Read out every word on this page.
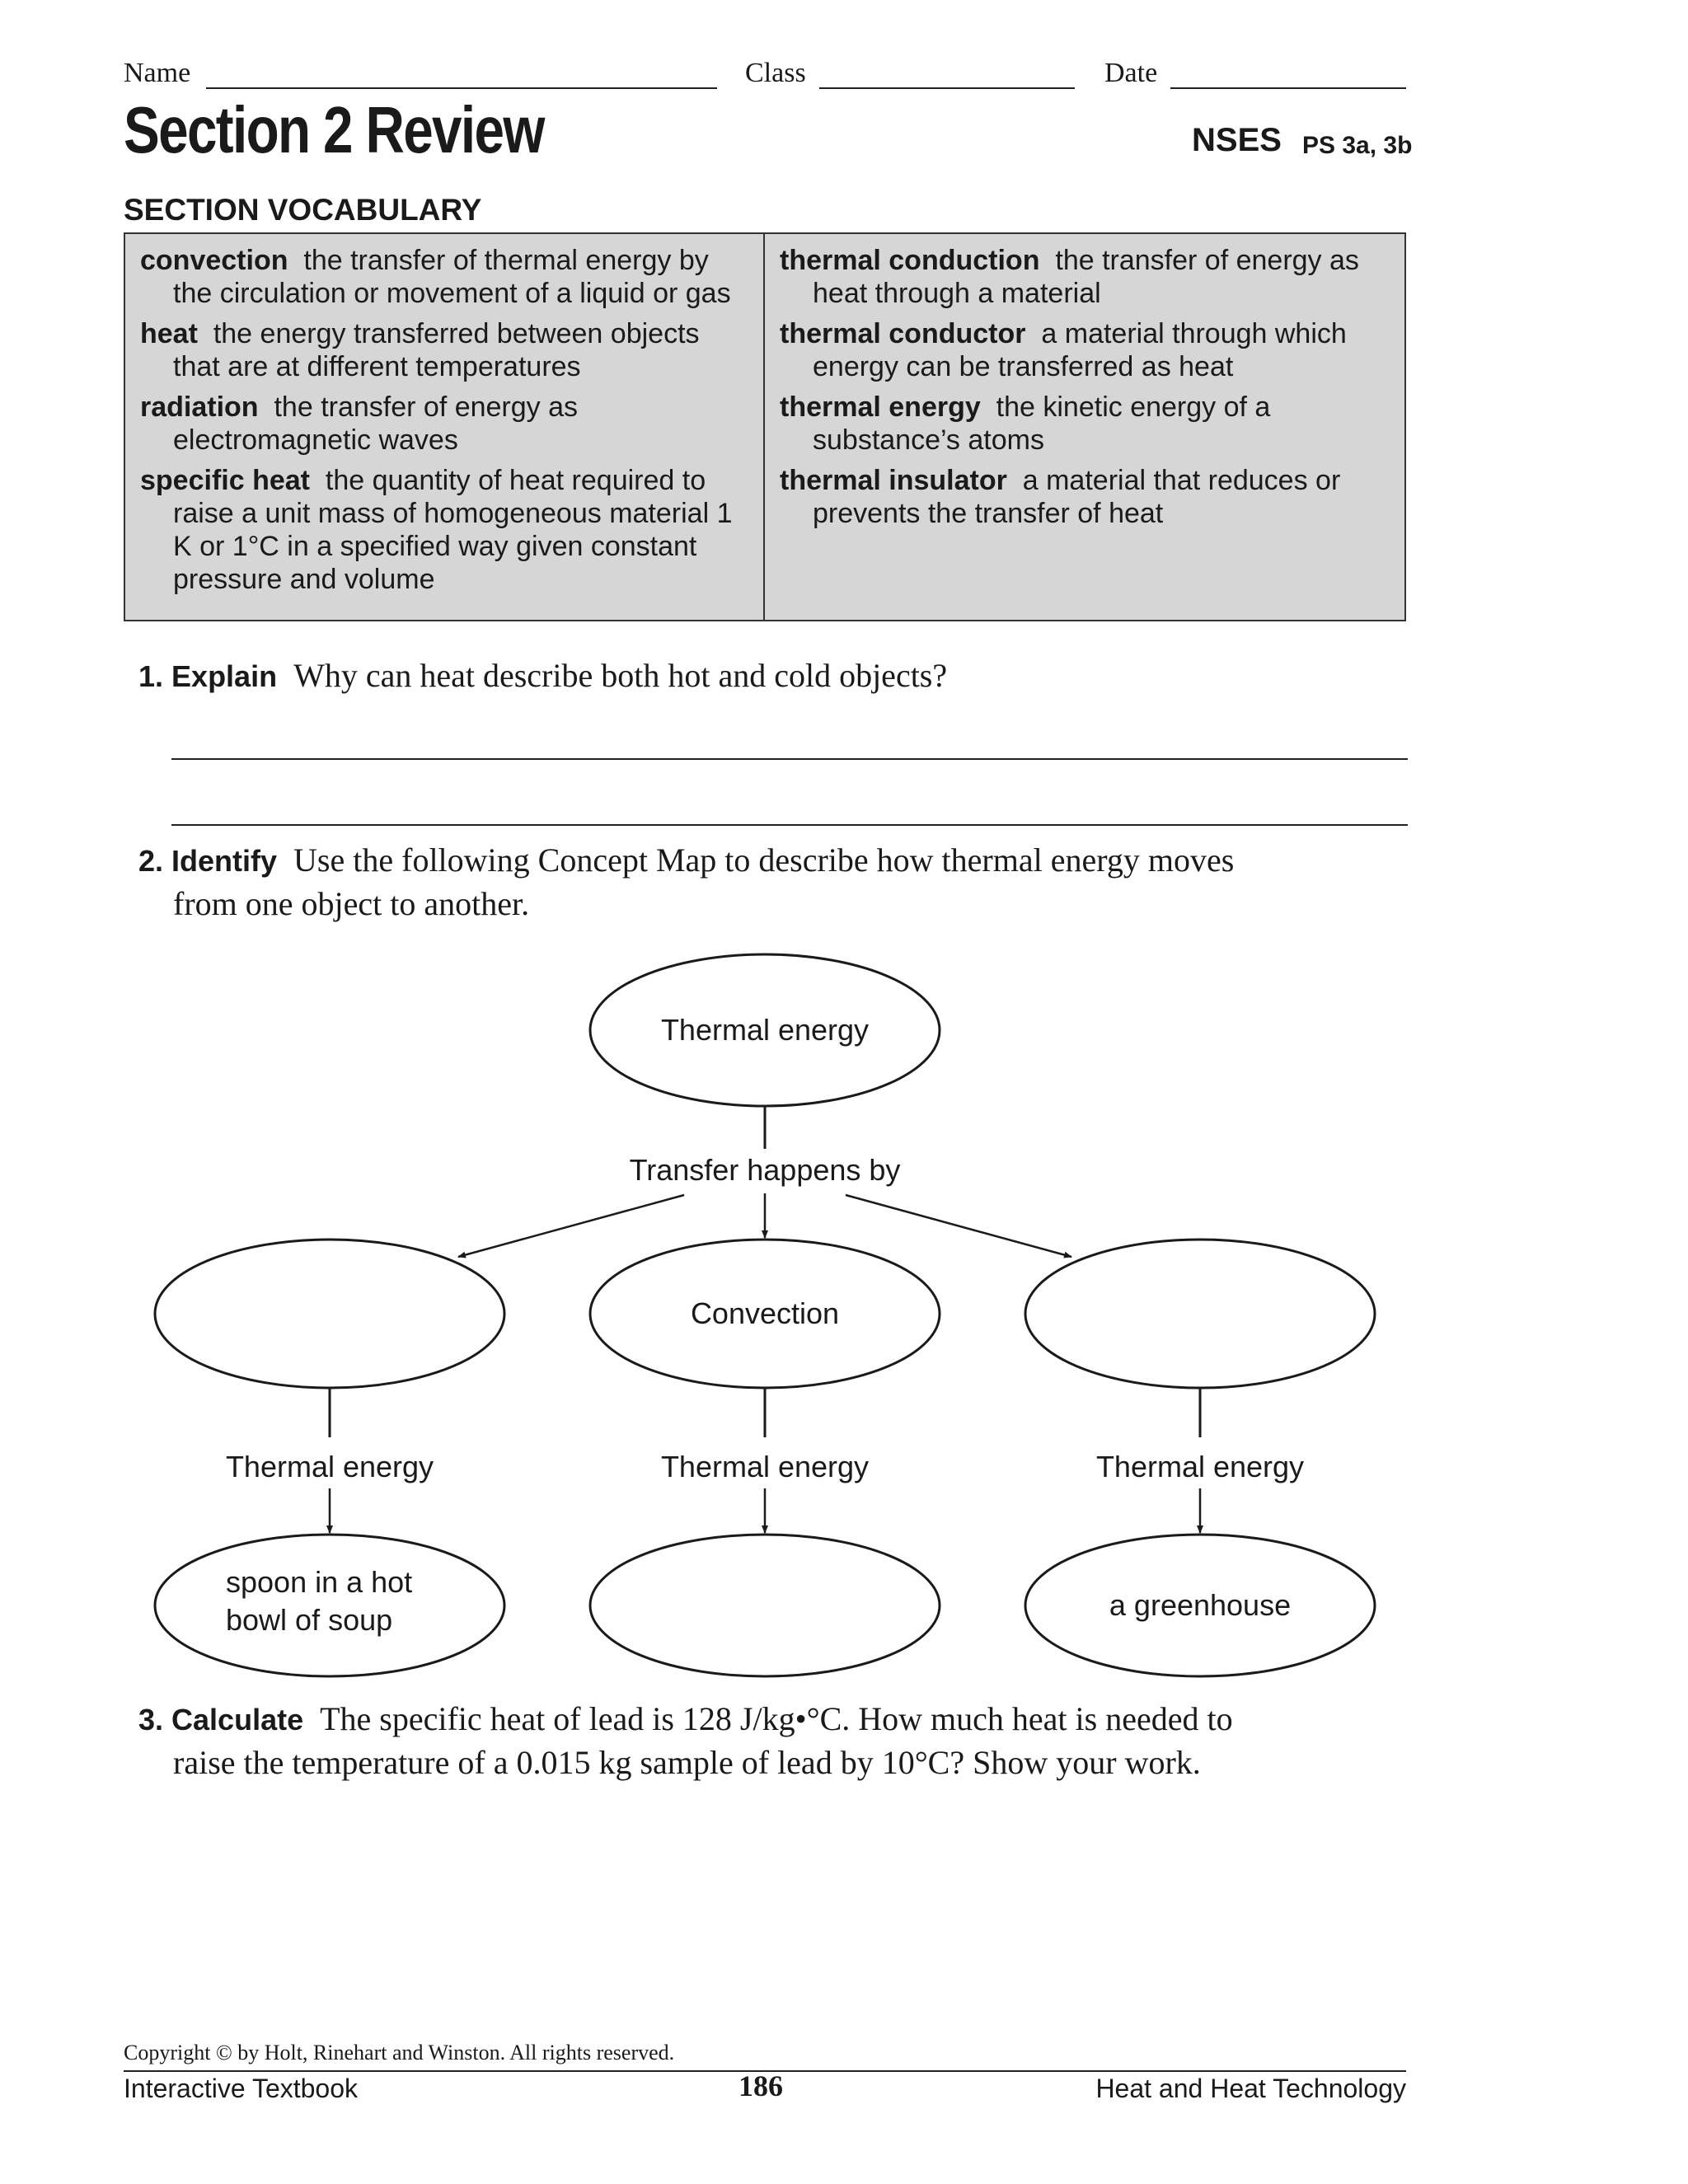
Name	Class	Date
Section 2 Review	NSES PS 3a, 3b
SECTION VOCABULARY
convection the transfer of thermal energy by the circulation or movement of a liquid or gas
heat the energy transferred between objects that are at different temperatures
radiation the transfer of energy as electromagnetic waves
specific heat the quantity of heat required to raise a unit mass of homogeneous material 1 K or 1°C in a specified way given constant pressure and volume
thermal conduction the transfer of energy as heat through a material
thermal conductor a material through which energy can be transferred as heat
thermal energy the kinetic energy of a substance’s atoms
thermal insulator a material that reduces or prevents the transfer of heat
1. Explain Why can heat describe both hot and cold objects?
2. Identify Use the following Concept Map to describe how thermal energy moves
from one object to another.
Thermal energy
Transfer happens by
Convection
Thermal energy	Thermal energy	Thermal energy
spoon in a hot
bowl of soup	a greenhouse
3. Calculate The specific heat of lead is 128 J/kg•°C. How much heat is needed to
raise the temperature of a 0.015 kg sample of lead by 10°C? Show your work.
Copyright © by Holt, Rinehart and Winston. All rights reserved.
Interactive Textbook	186	Heat and Heat Technology
